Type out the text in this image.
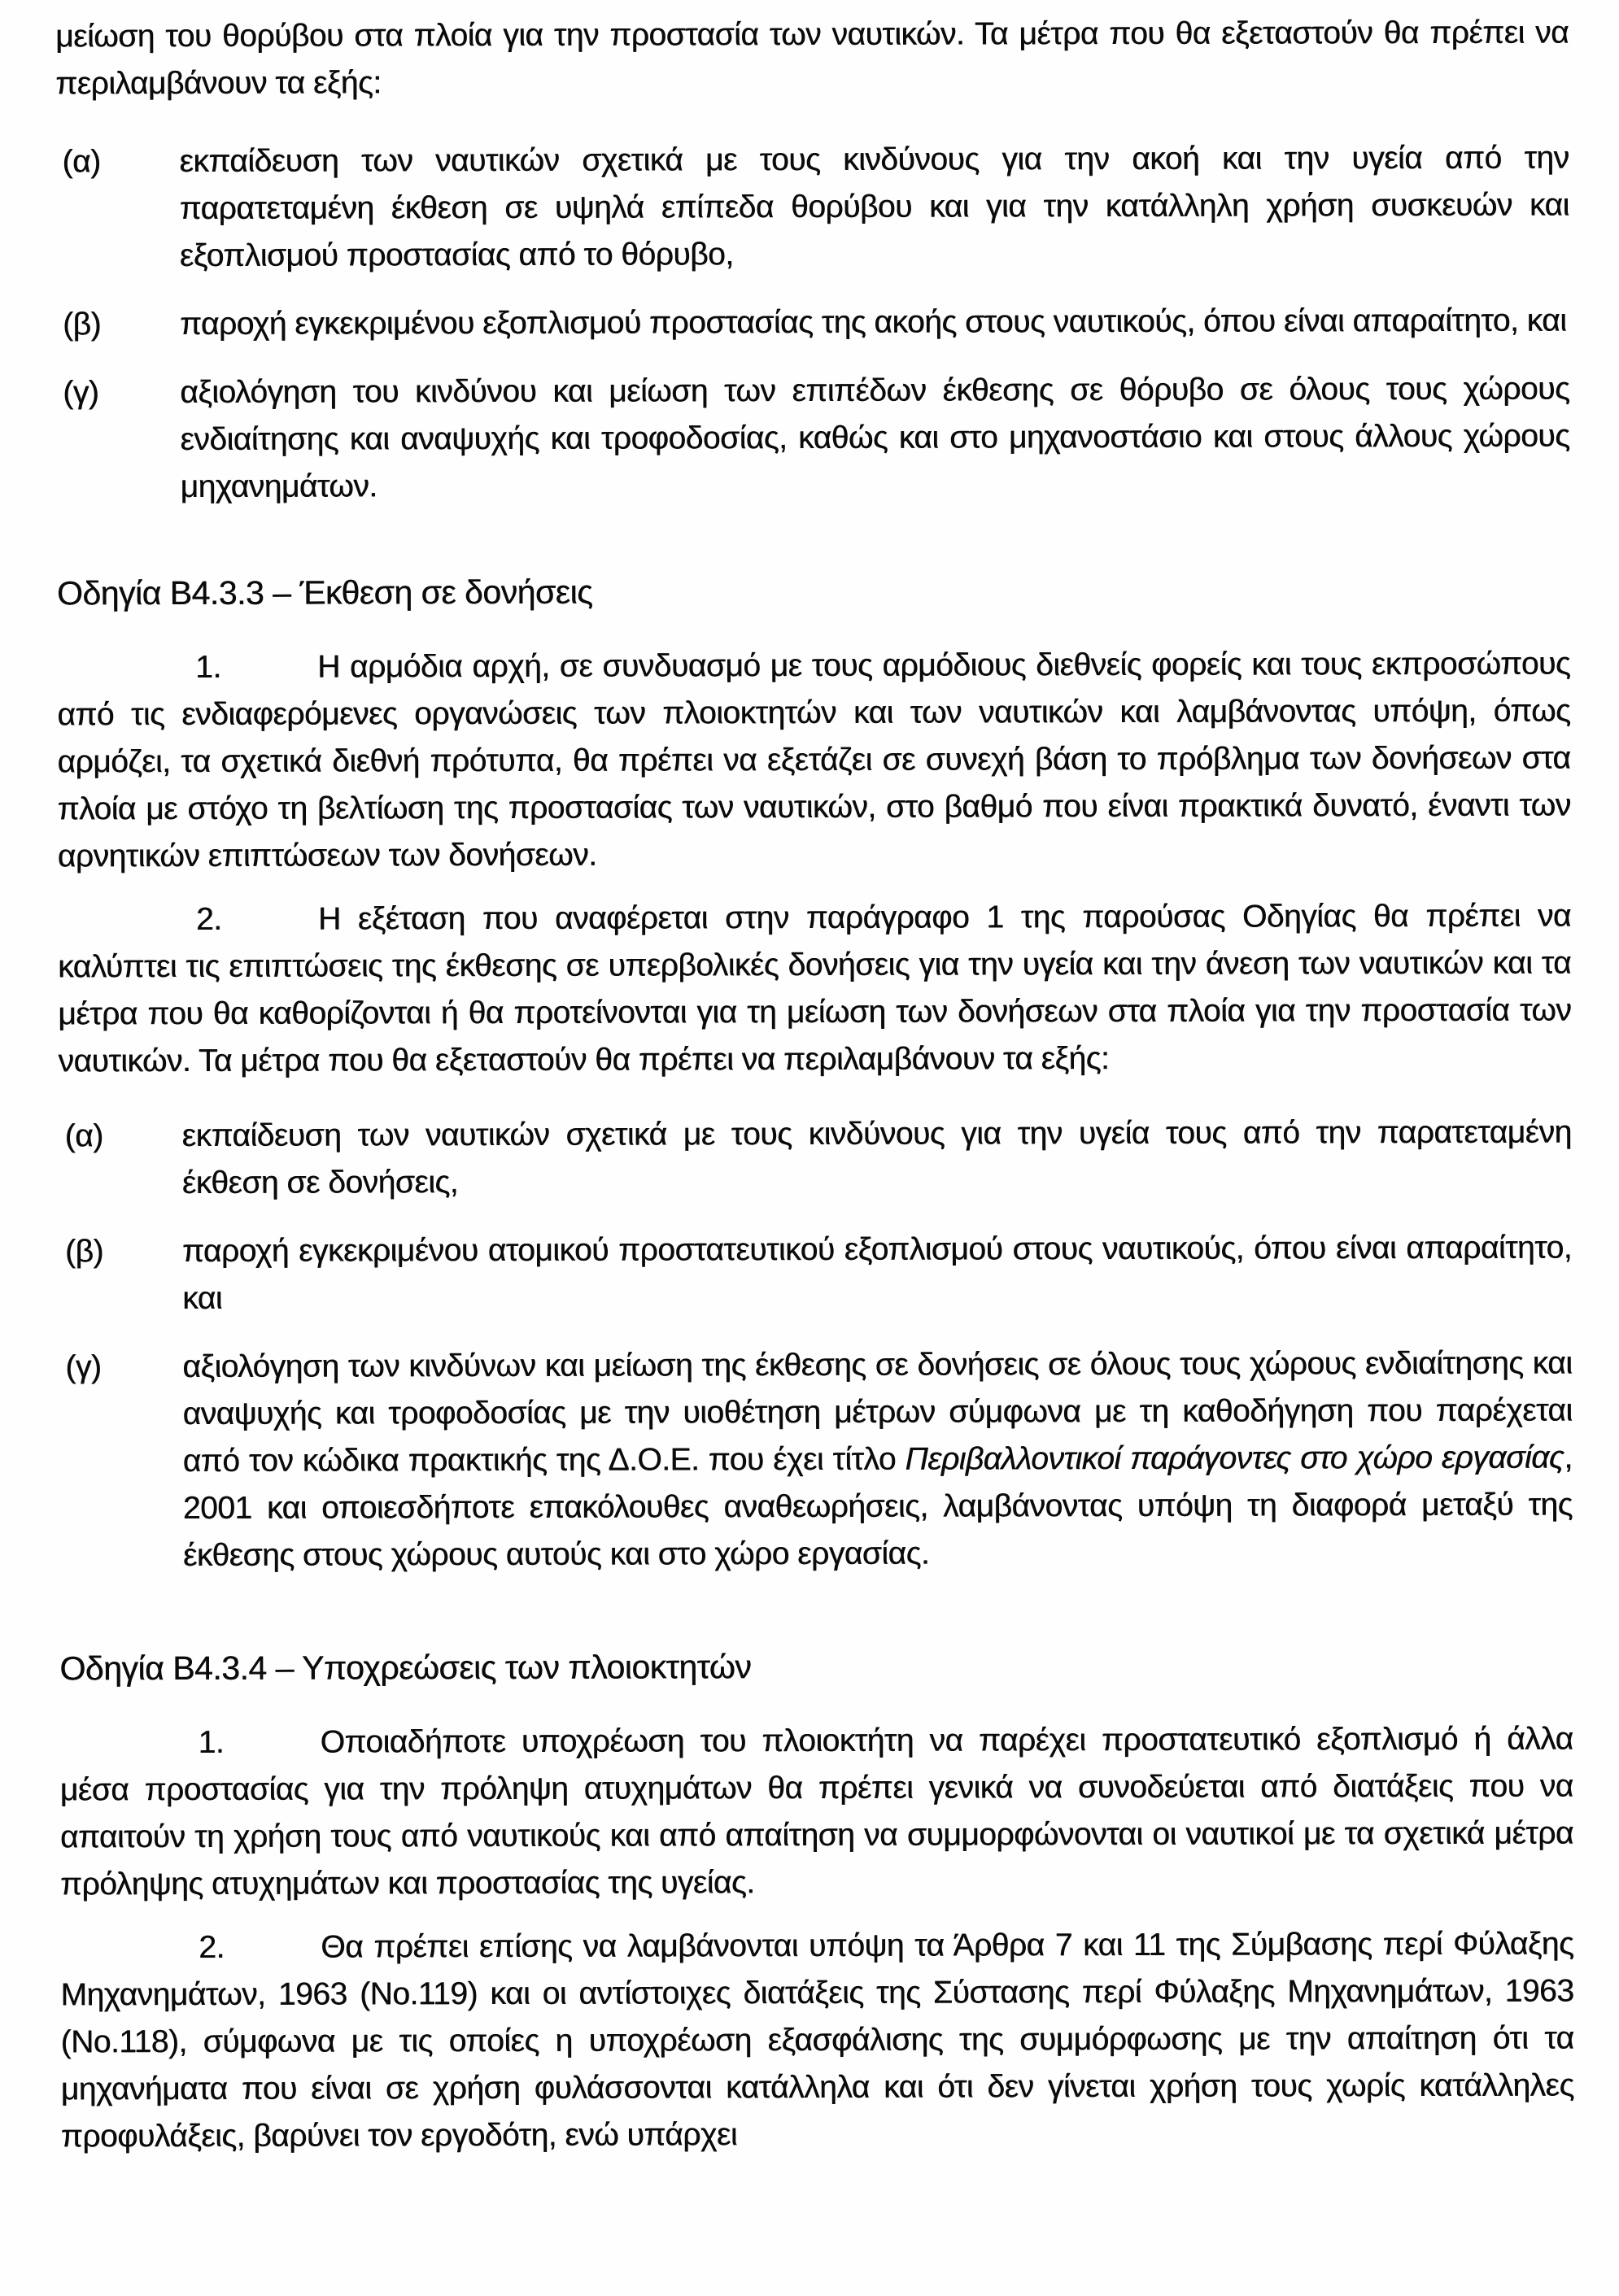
μείωση του θορύβου στα πλοία για την προστασία των ναυτικών. Τα μέτρα που θα εξεταστούν θα πρέπει να περιλαμβάνουν τα εξής:

(α) εκπαίδευση των ναυτικών σχετικά με τους κινδύνους για την ακοή και την υγεία από την παρατεταμένη έκθεση σε υψηλά επίπεδα θορύβου και για την κατάλληλη χρήση συσκευών και εξοπλισμού προστασίας από το θόρυβο,
(β) παροχή εγκεκριμένου εξοπλισμού προστασίας της ακοής στους ναυτικούς, όπου είναι απαραίτητο, και
(γ)	αξιολόγηση του κινδύνου και μείωση των επιπέδων έκθεσης σε θόρυβο σε όλους τους χώρους ενδιαίτησης και αναψυχής και τροφοδοσίας, καθώς και στο μηχανοστάσιο και στους άλλους χώρους μηχανημάτων.
Οδηγία Β4.3.3 – Έκθεση σε δονήσεις

1.	Η αρμόδια αρχή, σε συνδυασμό με τους αρμόδιους διεθνείς φορείς και τους εκπροσώπους από τις ενδιαφερόμενες οργανώσεις των πλοιοκτητών και των ναυτικών και λαμβάνοντας υπόψη, όπως αρμόζει, τα σχετικά διεθνή πρότυπα, θα πρέπει να εξετάζει σε συνεχή βάση το πρόβλημα των δονήσεων στα πλοία με στόχο τη βελτίωση της προστασίας των ναυτικών, στο βαθμό που είναι πρακτικά δυνατό, έναντι των αρνητικών επιπτώσεων των δονήσεων.

2.	Η εξέταση που αναφέρεται στην παράγραφο 1 της παρούσας Οδηγίας θα πρέπει να καλύπτει τις επιπτώσεις της έκθεσης σε υπερβολικές δονήσεις για την υγεία και την άνεση των ναυτικών και τα μέτρα που θα καθορίζονται ή θα προτείνονται για τη μείωση των δονήσεων στα πλοία για την προστασία των ναυτικών. Τα μέτρα που θα εξεταστούν θα πρέπει να περιλαμβάνουν τα εξής:

(α) εκπαίδευση των ναυτικών σχετικά με τους κινδύνους για την υγεία τους από την παρατεταμένη έκθεση σε δονήσεις,
(β) παροχή εγκεκριμένου ατομικού προστατευτικού εξοπλισμού στους ναυτικούς, όπου είναι απαραίτητο, και
(γ)	αξιολόγηση των κινδύνων και μείωση της έκθεσης σε δονήσεις σε όλους τους χώρους ενδιαίτησης και αναψυχής και τροφοδοσίας με την υιοθέτηση μέτρων σύμφωνα με τη καθοδήγηση που παρέχεται από τον κώδικα πρακτικής της Δ.Ο.Ε. που έχει τίτλο Περιβαλλοντικοί παράγοντες στο χώρο εργασίας, 2001 και οποιεσδήποτε επακόλουθες αναθεωρήσεις, λαμβάνοντας υπόψη τη διαφορά μεταξύ της έκθεσης στους χώρους αυτούς και στο χώρο εργασίας.
Οδηγία Β4.3.4 – Υποχρεώσεις των πλοιοκτητών

1.	Οποιαδήποτε υποχρέωση του πλοιοκτήτη να παρέχει προστατευτικό εξοπλισμό ή άλλα μέσα προστασίας για την πρόληψη ατυχημάτων θα πρέπει γενικά να συνοδεύεται από διατάξεις που να απαιτούν τη χρήση τους από ναυτικούς και από απαίτηση να συμμορφώνονται οι ναυτικοί με τα σχετικά μέτρα πρόληψης ατυχημάτων και προστασίας της υγείας.

2.	Θα πρέπει επίσης να λαμβάνονται υπόψη τα Άρθρα 7 και 11 της Σύμβασης περί Φύλαξης Μηχανημάτων, 1963 (No.119) και οι αντίστοιχες διατάξεις της Σύστασης περί Φύλαξης Μηχανημάτων, 1963 (No.118), σύμφωνα με τις οποίες η υποχρέωση εξασφάλισης της συμμόρφωσης με την απαίτηση ότι τα μηχανήματα που είναι σε χρήση φυλάσσονται κατάλληλα και ότι δεν γίνεται χρήση τους χωρίς κατάλληλες προφυλάξεις, βαρύνει τον εργοδότη, ενώ υπάρχει
